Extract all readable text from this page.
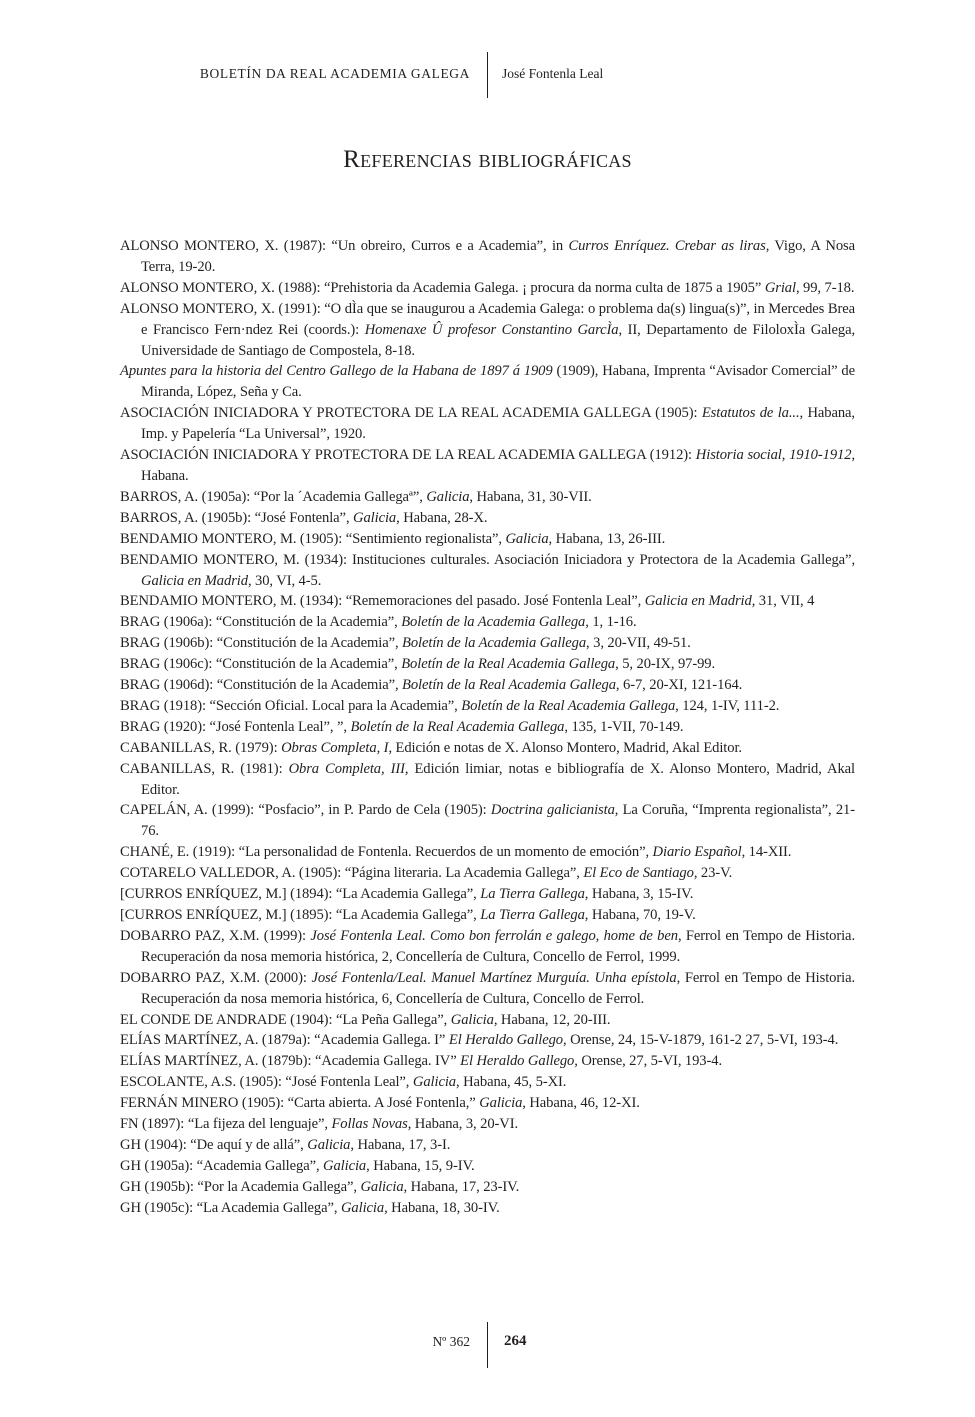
BOLETÍN DA REAL ACADEMIA GALEGA José Fontenla Leal
Referencias bibliográficas
ALONSO MONTERO, X. (1987): “Un obreiro, Curros e a Academia”, in Curros Enríquez. Crebar as liras, Vigo, A Nosa Terra, 19-20.
ALONSO MONTERO, X. (1988): “Prehistoria da Academia Galega. ¡ procura da norma culta de 1875 a 1905” Grial, 99, 7-18.
ALONSO MONTERO, X. (1991): “O dÌa que se inaugurou a Academia Galega: o problema da(s) lingua(s)”, in Mercedes Brea e Francisco Fern·ndez Rei (coords.): Homenaxe Û profesor Constantino GarcÌa, II, Departamento de FiloloxÌa Galega, Universidade de Santiago de Compostela, 8-18.
Apuntes para la historia del Centro Gallego de la Habana de 1897 á 1909 (1909), Habana, Imprenta “Avisador Comercial” de Miranda, López, Seña y Ca.
ASOCIACIÓN INICIADORA Y PROTECTORA DE LA REAL ACADEMIA GALLEGA (1905): Estatutos de la..., Habana, Imp. y Papelería “La Universal”, 1920.
ASOCIACIÓN INICIADORA Y PROTECTORA DE LA REAL ACADEMIA GALLEGA (1912): Historia social, 1910-1912, Habana.
BARROS, A. (1905a): “Por la ´Academia Gallegaª”, Galicia, Habana, 31, 30-VII.
BARROS, A. (1905b): “José Fontenla”, Galicia, Habana, 28-X.
BENDAMIO MONTERO, M. (1905): “Sentimiento regionalista”, Galicia, Habana, 13, 26-III.
BENDAMIO MONTERO, M. (1934): Instituciones culturales. Asociación Iniciadora y Protectora de la Academia Gallega”, Galicia en Madrid, 30, VI, 4-5.
BENDAMIO MONTERO, M. (1934): “Rememoraciones del pasado. José Fontenla Leal”, Galicia en Madrid, 31, VII, 4
BRAG (1906a): “Constitución de la Academia”, Boletín de la Academia Gallega, 1, 1-16.
BRAG (1906b): “Constitución de la Academia”, Boletín de la Academia Gallega, 3, 20-VII, 49-51.
BRAG (1906c): “Constitución de la Academia”, Boletín de la Real Academia Gallega, 5, 20-IX, 97-99.
BRAG (1906d): “Constitución de la Academia”, Boletín de la Real Academia Gallega, 6-7, 20-XI, 121-164.
BRAG (1918): “Sección Oficial. Local para la Academia”, Boletín de la Real Academia Gallega, 124, 1-IV, 111-2.
BRAG (1920): “José Fontenla Leal”, ”, Boletín de la Real Academia Gallega, 135, 1-VII, 70-149.
CABANILLAS, R. (1979): Obras Completa, I, Edición e notas de X. Alonso Montero, Madrid, Akal Editor.
CABANILLAS, R. (1981): Obra Completa, III, Edición limiar, notas e bibliografía de X. Alonso Montero, Madrid, Akal Editor.
CAPELÁN, A. (1999): “Posfacio”, in P. Pardo de Cela (1905): Doctrina galicianista, La Coruña, “Imprenta regionalista”, 21-76.
CHANÉ, E. (1919): “La personalidad de Fontenla. Recuerdos de un momento de emoción”, Diario Español, 14-XII.
COTARELO VALLEDOR, A. (1905): “Página literaria. La Academia Gallega”, El Eco de Santiago, 23-V.
[CURROS ENRÍQUEZ, M.] (1894): “La Academia Gallega”, La Tierra Gallega, Habana, 3, 15-IV.
[CURROS ENRÍQUEZ, M.] (1895): “La Academia Gallega”, La Tierra Gallega, Habana, 70, 19-V.
DOBARRO PAZ, X.M. (1999): José Fontenla Leal. Como bon ferrolán e galego, home de ben, Ferrol en Tempo de Historia. Recuperación da nosa memoria histórica, 2, Concellería de Cultura, Concello de Ferrol, 1999.
DOBARRO PAZ, X.M. (2000): José Fontenla/Leal. Manuel Martínez Murguía. Unha epístola, Ferrol en Tempo de Historia. Recuperación da nosa memoria histórica, 6, Concellería de Cultura, Concello de Ferrol.
EL CONDE DE ANDRADE (1904): “La Peña Gallega”, Galicia, Habana, 12, 20-III.
ELÍAS MARTÍNEZ, A. (1879a): “Academia Gallega. I” El Heraldo Gallego, Orense, 24, 15-V-1879, 161-2 27, 5-VI, 193-4.
ELÍAS MARTÍNEZ, A. (1879b): “Academia Gallega. IV” El Heraldo Gallego, Orense, 27, 5-VI, 193-4.
ESCOLANTE, A.S. (1905): “José Fontenla Leal”, Galicia, Habana, 45, 5-XI.
FERNÁN MINERO (1905): “Carta abierta. A José Fontenla,” Galicia, Habana, 46, 12-XI.
FN (1897): “La fijeza del lenguaje”, Follas Novas, Habana, 3, 20-VI.
GH (1904): “De aquí y de allá”, Galicia, Habana, 17, 3-I.
GH (1905a): “Academia Gallega”, Galicia, Habana, 15, 9-IV.
GH (1905b): “Por la Academia Gallega”, Galicia, Habana, 17, 23-IV.
GH (1905c): “La Academia Gallega”, Galicia, Habana, 18, 30-IV.
Nº 362 264
